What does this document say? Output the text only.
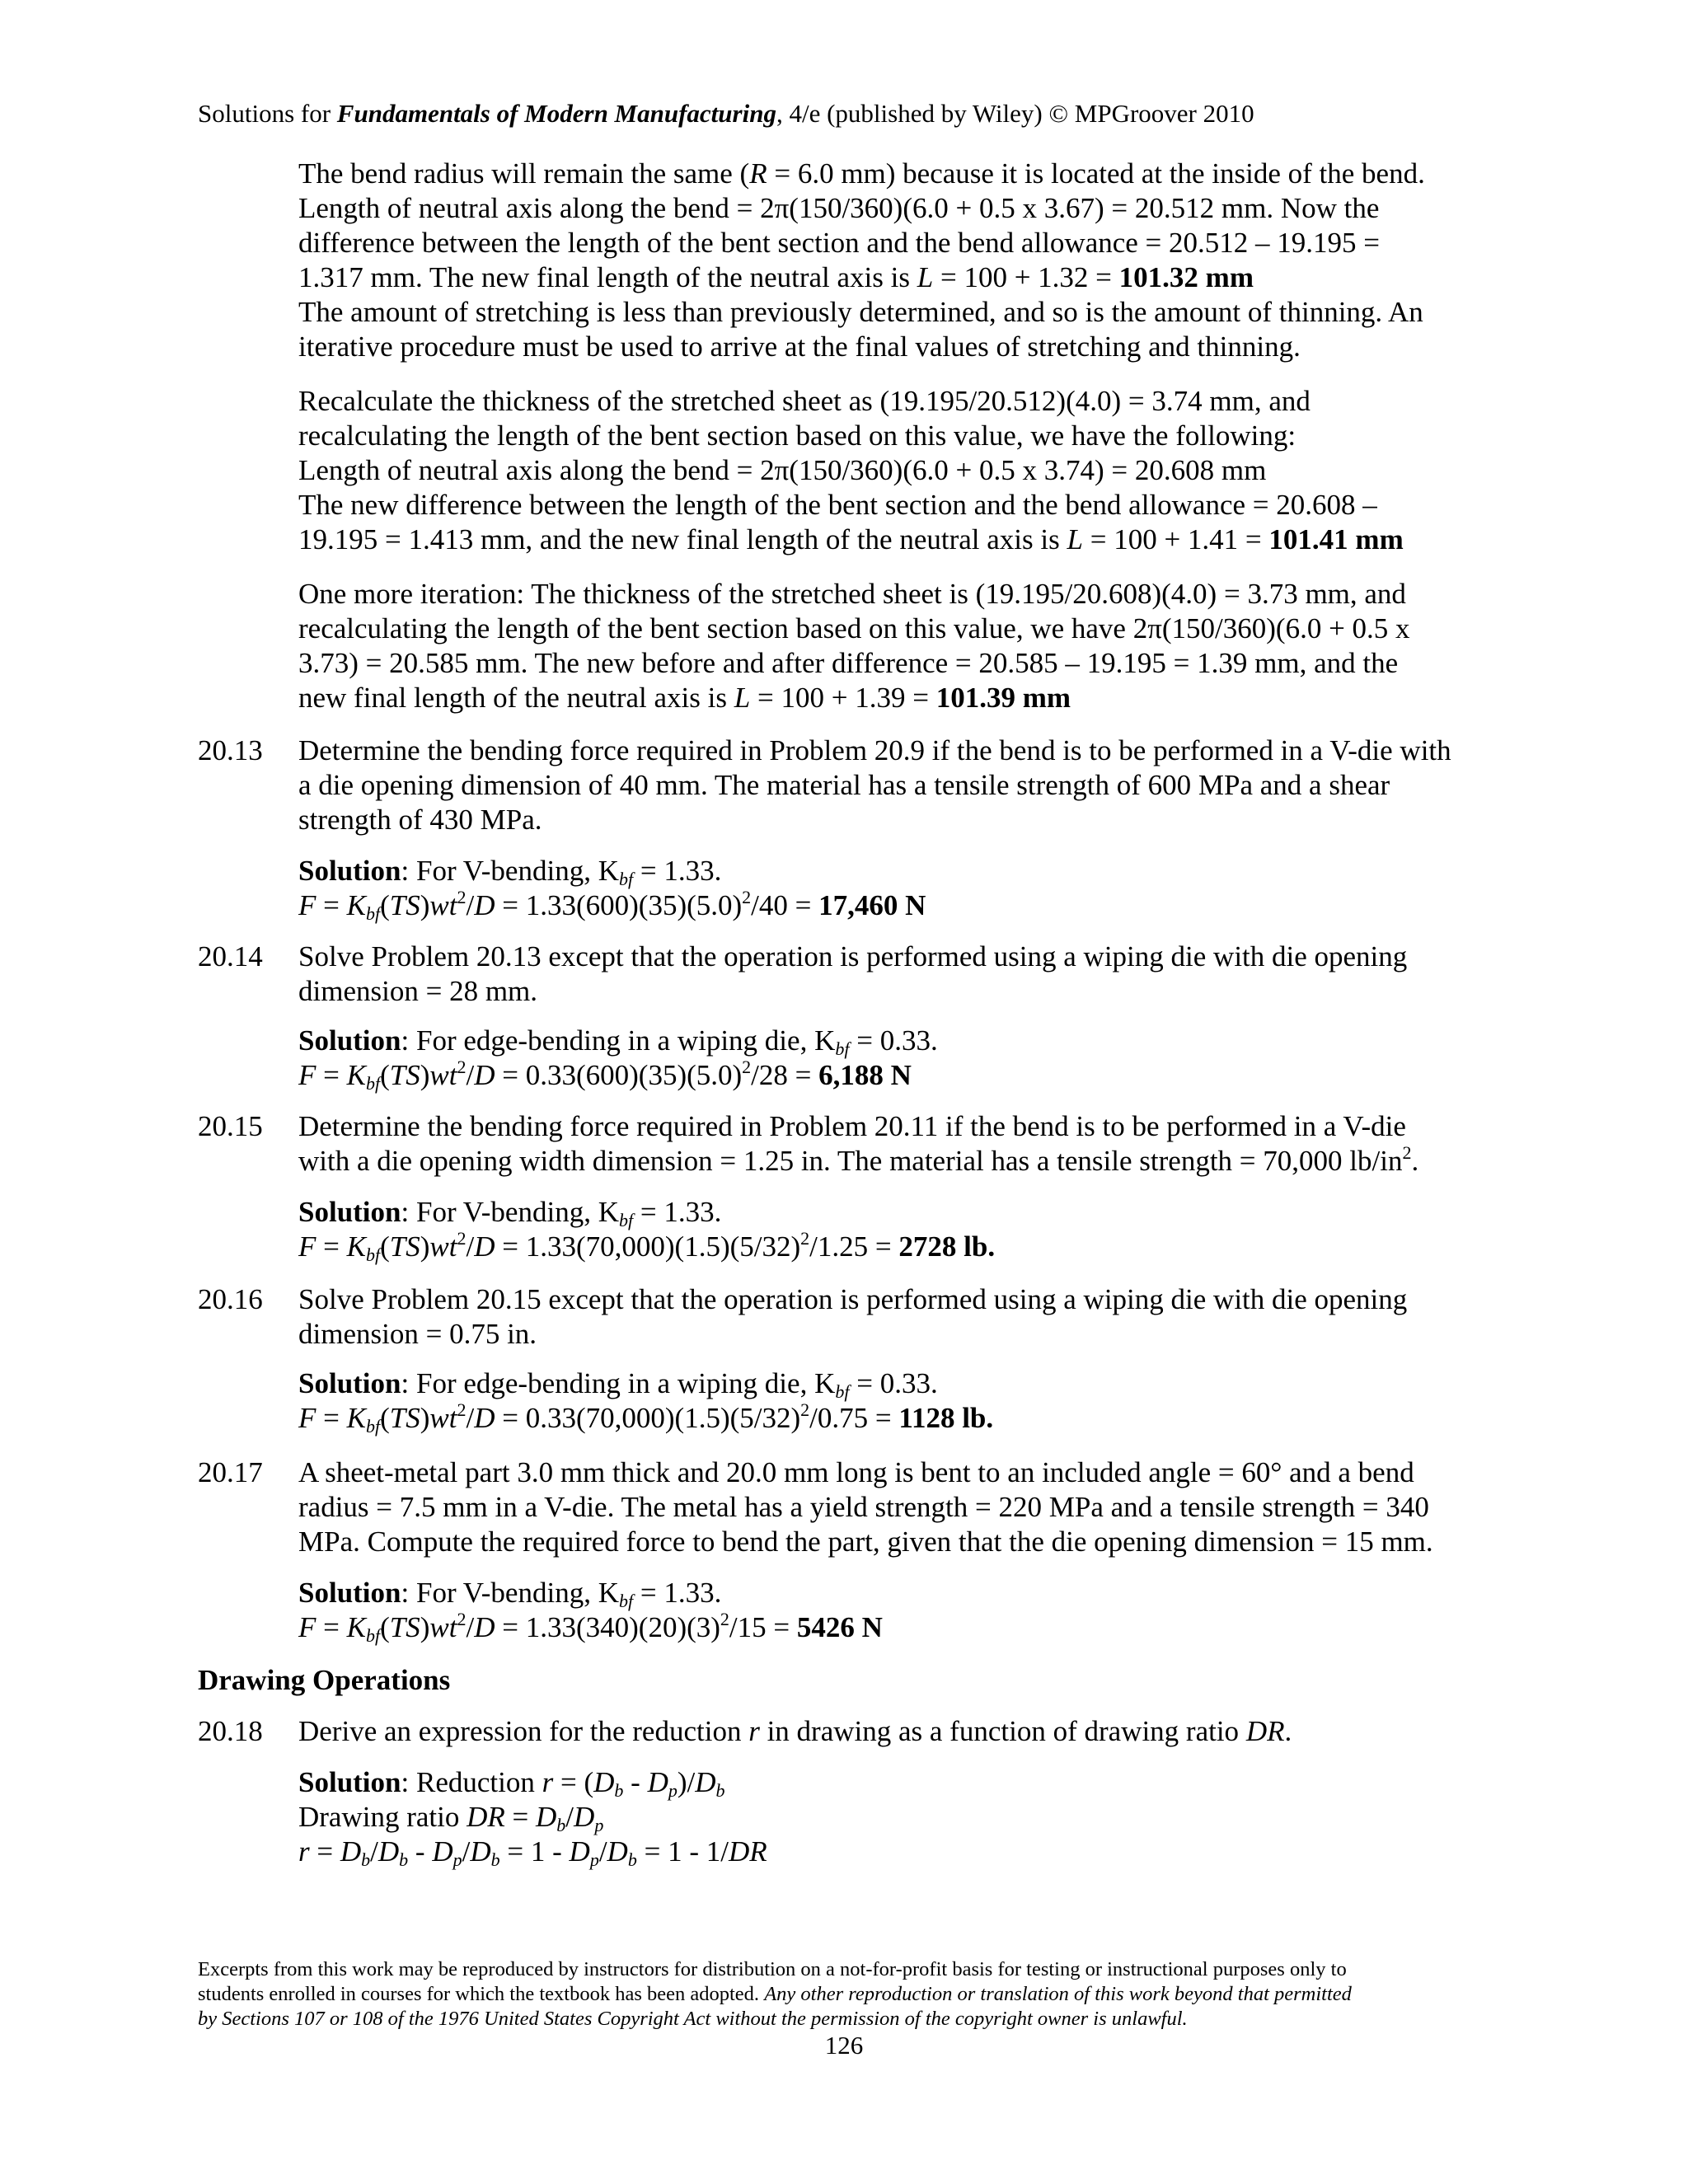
Solutions for Fundamentals of Modern Manufacturing, 4/e (published by Wiley) © MPGroover 2010
The bend radius will remain the same (R = 6.0 mm) because it is located at the inside of the bend.
Length of neutral axis along the bend = 2π(150/360)(6.0 + 0.5 x 3.67) = 20.512 mm. Now the
difference between the length of the bent section and the bend allowance = 20.512 – 19.195 =
1.317 mm. The new final length of the neutral axis is L = 100 + 1.32 = 101.32 mm
The amount of stretching is less than previously determined, and so is the amount of thinning. An
iterative procedure must be used to arrive at the final values of stretching and thinning.
Recalculate the thickness of the stretched sheet as (19.195/20.512)(4.0) = 3.74 mm, and
recalculating the length of the bent section based on this value, we have the following:
Length of neutral axis along the bend = 2π(150/360)(6.0 + 0.5 x 3.74) = 20.608 mm
The new difference between the length of the bent section and the bend allowance = 20.608 –
19.195 = 1.413 mm, and the new final length of the neutral axis is L = 100 + 1.41 = 101.41 mm
One more iteration: The thickness of the stretched sheet is (19.195/20.608)(4.0) = 3.73 mm, and
recalculating the length of the bent section based on this value, we have 2π(150/360)(6.0 + 0.5 x
3.73) = 20.585 mm. The new before and after difference = 20.585 – 19.195 = 1.39 mm, and the
new final length of the neutral axis is L = 100 + 1.39 = 101.39 mm
20.13 Determine the bending force required in Problem 20.9 if the bend is to be performed in a V-die with
a die opening dimension of 40 mm. The material has a tensile strength of 600 MPa and a shear
strength of 430 MPa.
Solution: For V-bending, $K_{bf} = 1.33$.
$F = K_{bf}(TS)wt^2/D = 1.33(600)(35)(5.0)^2/40 = 17,460$ N
20.14 Solve Problem 20.13 except that the operation is performed using a wiping die with die opening
dimension = 28 mm.
Solution: For edge-bending in a wiping die, $K_{bf} = 0.33$.
$F = K_{bf}(TS)wt^2/D = 0.33(600)(35)(5.0)^2/28 = 6,188$ N
20.15 Determine the bending force required in Problem 20.11 if the bend is to be performed in a V-die
with a die opening width dimension = 1.25 in. The material has a tensile strength = 70,000 $lb/in^2$.
Solution: For V-bending, $K_{bf} = 1.33$.
$F = K_{bf}(TS)wt^2/D = 1.33(70,000)(1.5)(5/32)^2/1.25 = 2728$ lb.
20.16 Solve Problem 20.15 except that the operation is performed using a wiping die with die opening
dimension = 0.75 in.
Solution: For edge-bending in a wiping die, $K_{bf} = 0.33$.
$F = K_{bf}(TS)wt^2/D = 0.33(70,000)(1.5)(5/32)^2/0.75 = 1128$ lb.
20.17 A sheet-metal part 3.0 mm thick and 20.0 mm long is bent to an included angle = 60° and a bend
radius = 7.5 mm in a V-die. The metal has a yield strength = 220 MPa and a tensile strength = 340
MPa. Compute the required force to bend the part, given that the die opening dimension = 15 mm.
Solution: For V-bending, $K_{bf} = 1.33$.
$F = K_{bf}(TS)wt^2/D = 1.33(340)(20)(3)^2/15 = 5426$ N
Drawing Operations
20.18 Derive an expression for the reduction r in drawing as a function of drawing ratio DR.
Solution: Reduction $r = (D_b - D_p)/D_b$
Drawing ratio DR = $D_b/D_p$
$r = D_b/D_b - D_p/D_b = 1 - D_p/D_b = 1 - 1/DR$
Excerpts from this work may be reproduced by instructors for distribution on a not-for-profit basis for testing or instructional purposes only to
students enrolled in courses for which the textbook has been adopted. Any other reproduction or translation of this work beyond that permitted
by Sections 107 or 108 of the 1976 United States Copyright Act without the permission of the copyright owner is unlawful.
126
